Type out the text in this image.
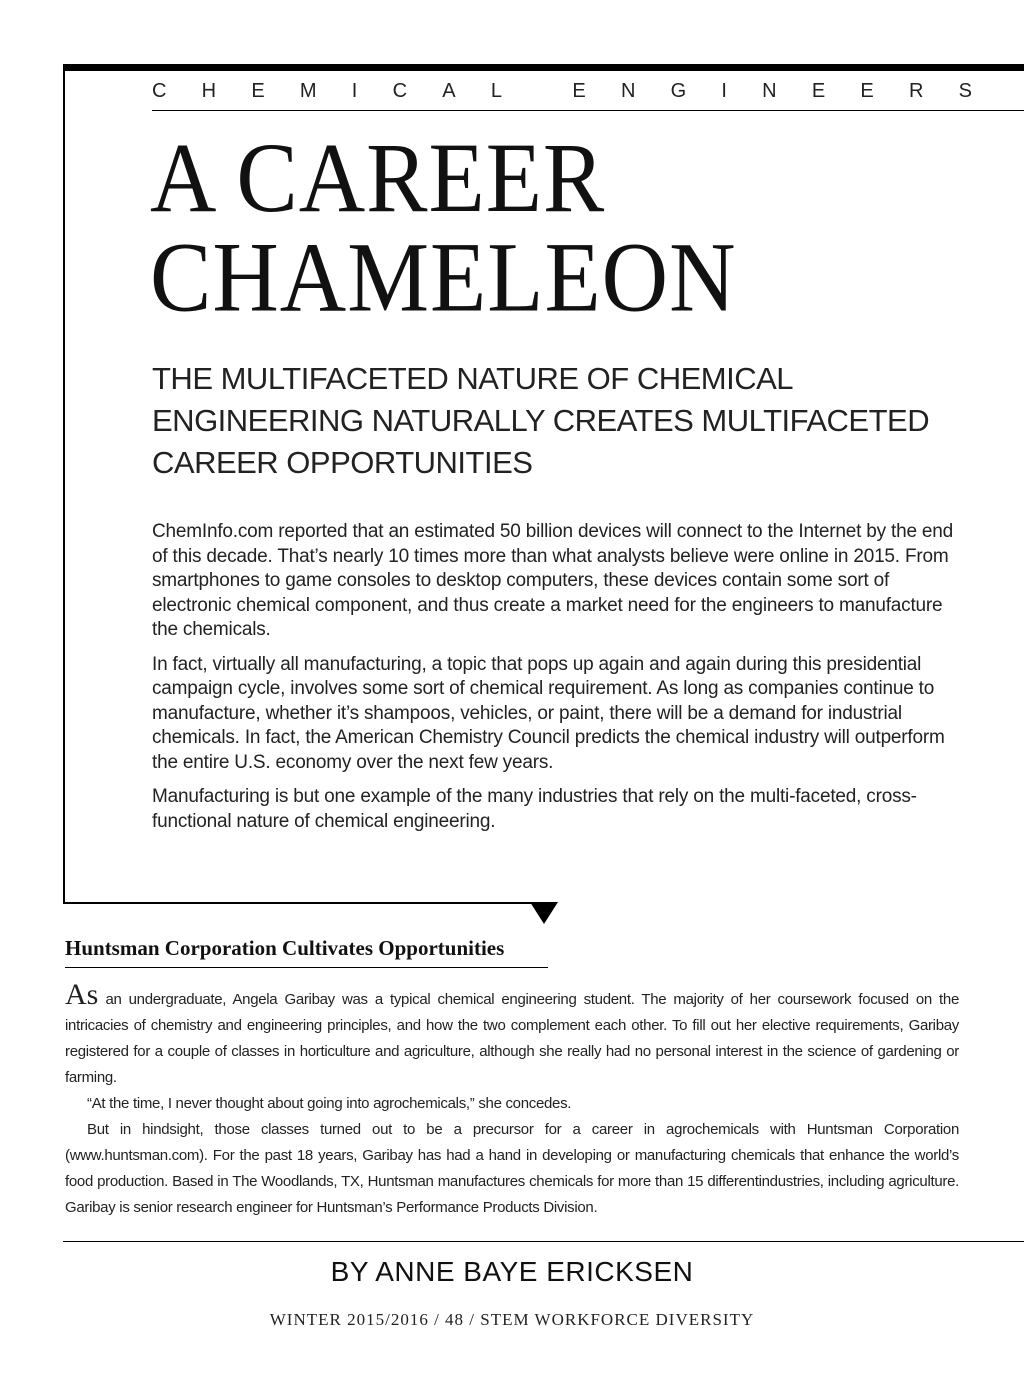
C H E M I C A L	E N G I N E E R S
A CAREER
CHAMELEON
THE MULTIFACETED NATURE OF CHEMICAL ENGINEERING NATURALLY CREATES MULTIFACETED CAREER OPPORTUNITIES

ChemInfo.com reported that an estimated 50 billion devices will connect to the Internet by the end of this decade. That’s nearly 10 times more than what analysts believe were online in 2015. From smartphones to game consoles to desktop computers, these devices contain some sort of electronic chemical component, and thus create a market need for the engineers to manufacture the chemicals.

In fact, virtually all manufacturing, a topic that pops up again and again during this presidential campaign cycle, involves some sort of chemical requirement. As long as companies continue to manufacture, whether it’s shampoos, vehicles, or paint, there will be a demand for industrial chemicals. In fact, the American Chemistry Council predicts the chemical industry will outperform the entire U.S. economy over the next few years.

Manufacturing is but one example of the many industries that rely on the multi-faceted, cross-functional nature of chemical engineering.

Huntsman Corporation Cultivates Opportunities

As an undergraduate, Angela Garibay was a typical chemical engineering student. The majority of her coursework focused on the intricacies of chemistry and engineering principles, and how the two complement each other. To fill out her elective requirements, Garibay registered for a couple of classes in horticulture and agriculture, although she really had no personal interest in the science of gardening or farming.

“At the time, I never thought about going into agrochemicals,” she concedes.

But in hindsight, those classes turned out to be a precursor for a career in agrochemicals with Huntsman Corporation (www.huntsman.com). For the past 18 years, Garibay has had a hand in developing or manufacturing chemicals that enhance the world’s food production. Based in The Woodlands, TX, Huntsman manufactures chemicals for more than 15 differentindustries, including agriculture. Garibay is senior research engineer for Huntsman’s Performance Products Division.

BY ANNE BAYE ERICKSEN
WINTER 2015/2016 / 48 / STEM WORKFORCE DIVERSITY
